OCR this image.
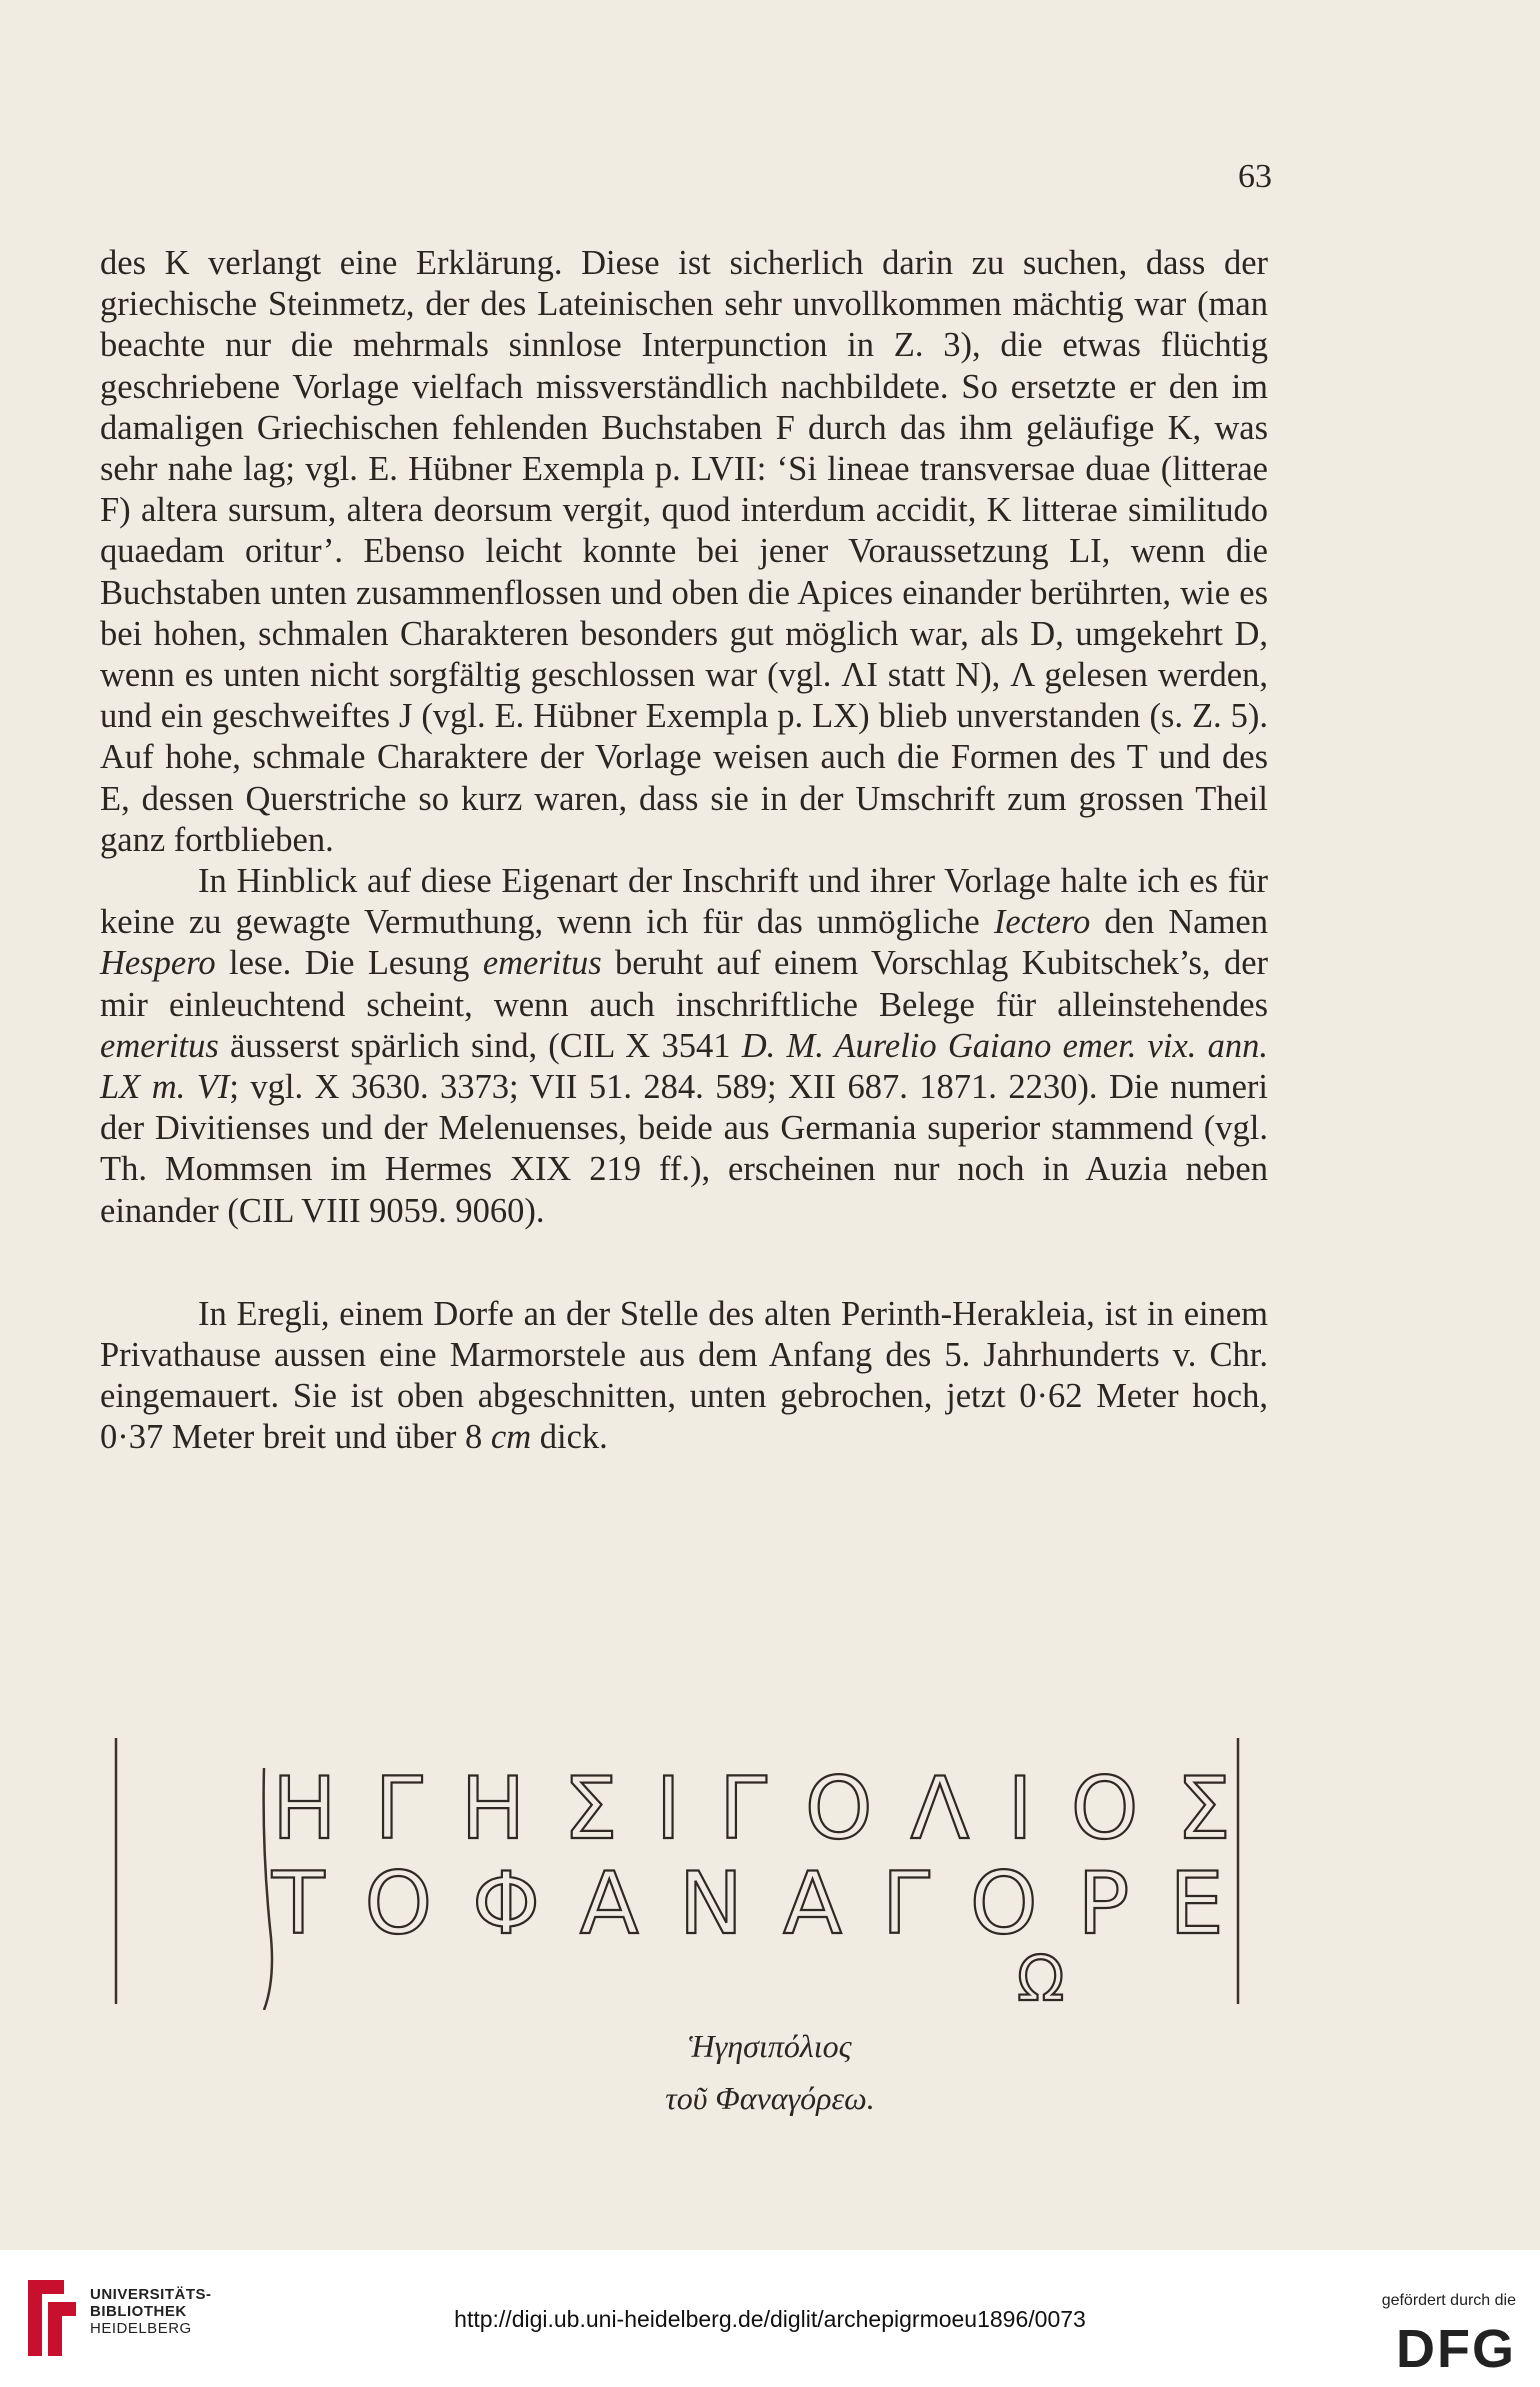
63

des K verlangt eine Erklärung. Diese ist sicherlich darin zu suchen, dass der griechische Steinmetz, der des Lateinischen sehr unvollkommen mächtig war (man beachte nur die mehrmals sinnlose Interpunction in Z. 3), die etwas flüchtig geschriebene Vorlage vielfach missverständlich nachbildete. So ersetzte er den im damaligen Griechischen fehlenden Buchstaben F durch das ihm geläufige K, was sehr nahe lag; vgl. E. Hübner Exempla p. LVII: ‘Si lineae transversae duae (litterae F) altera sursum, altera deorsum vergit, quod interdum accidit, K litterae similitudo quaedam oritur’. Ebenso leicht konnte bei jener Voraussetzung LI, wenn die Buchstaben unten zusammenflossen und oben die Apices einander berührten, wie es bei hohen, schmalen Charakteren besonders gut möglich war, als D, umgekehrt D, wenn es unten nicht sorgfältig geschlossen war (vgl. ΛI statt N), Λ gelesen werden, und ein geschweiftes J (vgl. E. Hübner Exempla p. LX) blieb unverstanden (s. Z. 5). Auf hohe, schmale Charaktere der Vorlage weisen auch die Formen des T und des E, dessen Querstriche so kurz waren, dass sie in der Umschrift zum grossen Theil ganz fortblieben.

In Hinblick auf diese Eigenart der Inschrift und ihrer Vorlage halte ich es für keine zu gewagte Vermuthung, wenn ich für das unmögliche Iectero den Namen Hespero lese. Die Lesung emeritus beruht auf einem Vorschlag Kubitschek’s, der mir einleuchtend scheint, wenn auch inschriftliche Belege für alleinstehendes emeritus äusserst spärlich sind, (CIL X 3541 D. M. Aurelio Gaiano emer. vix. ann. LX m. VI; vgl. X 3630. 3373; VII 51. 284. 589; XII 687. 1871. 2230). Die numeri der Divitienses und der Melenuenses, beide aus Germania superior stammend (vgl. Th. Mommsen im Hermes XIX 219 ff.), erscheinen nur noch in Auzia neben einander (CIL VIII 9059. 9060).

In Eregli, einem Dorfe an der Stelle des alten Perinth-Herakleia, ist in einem Privathause aussen eine Marmorstele aus dem Anfang des 5. Jahrhunderts v. Chr. eingemauert. Sie ist oben abgeschnitten, unten gebrochen, jetzt 0·62 Meter hoch, 0·37 Meter breit und über 8 cm dick.

ΗΓΗΣΙΓΟΛΙΟΣ
ΤΟΦΑΝΑΓΟΡΕ
Ω
Ἡγησιπόλιος
τοῦ Φαναγόρεω.
UNIVERSITÄTS-
BIBLIOTHEK
HEIDELBERG	http://digi.ub.uni-heidelberg.de/diglit/archepigrmoeu1896/0073
gefördert durch die
DFG
